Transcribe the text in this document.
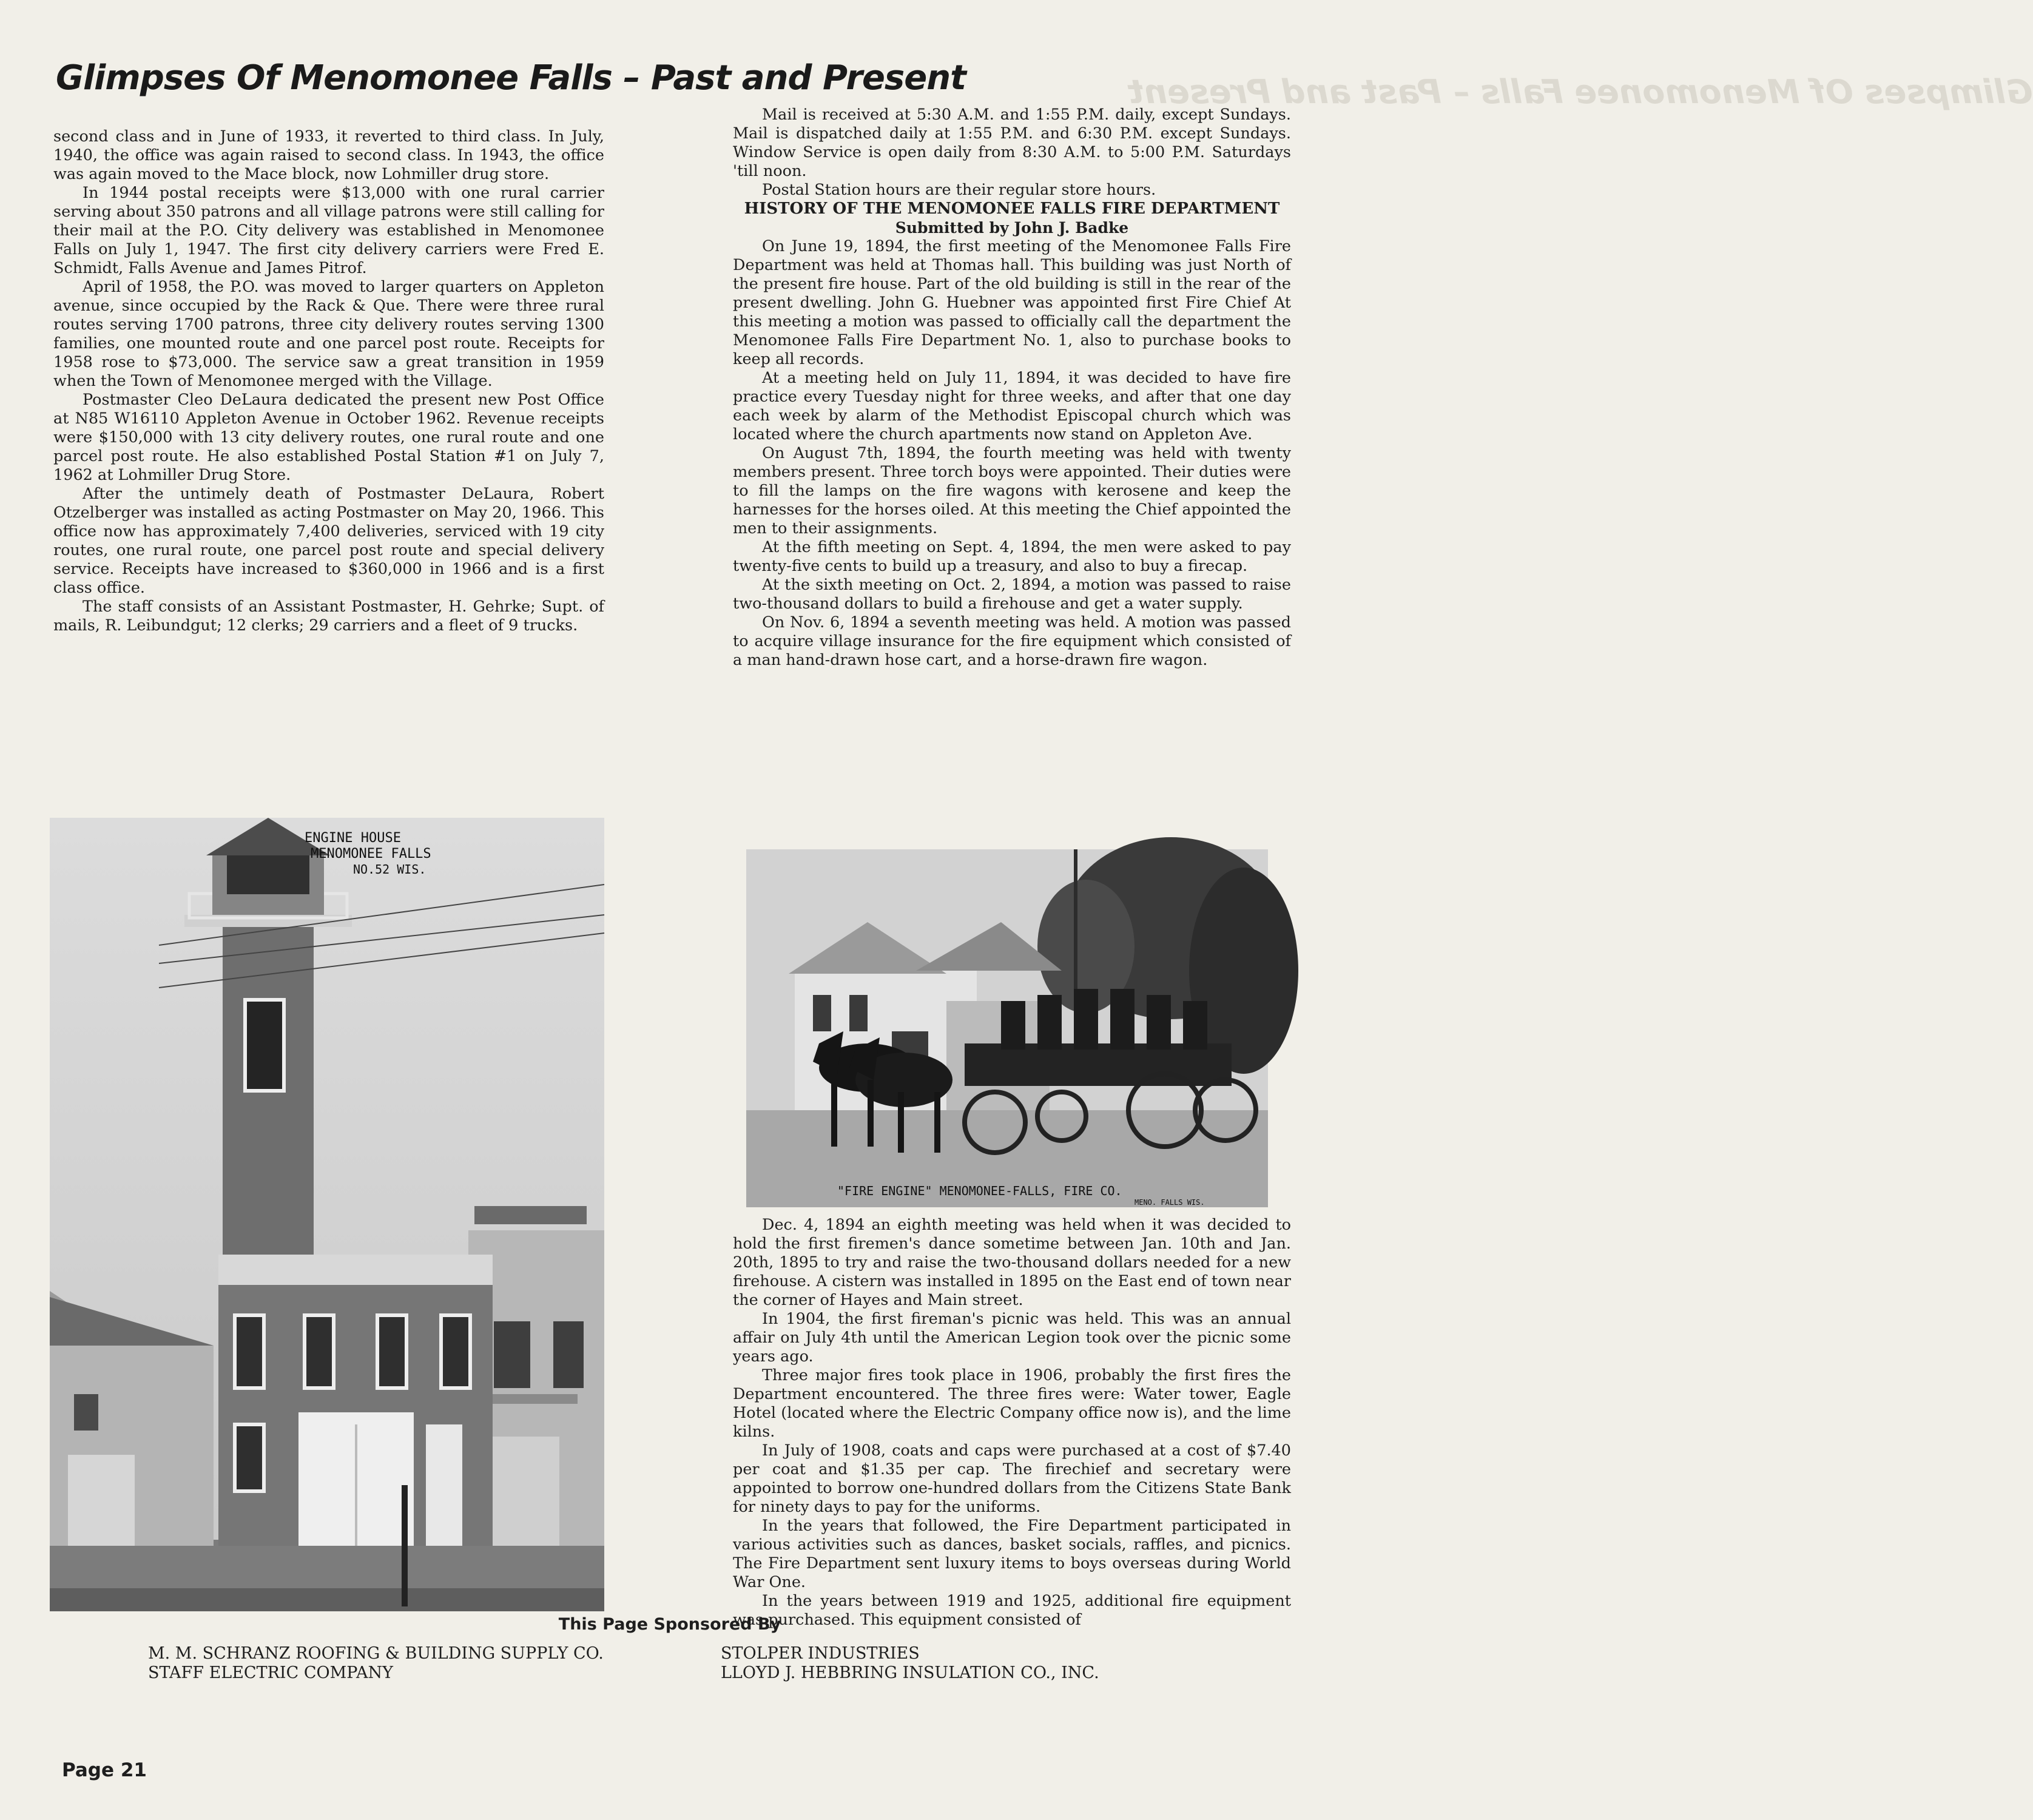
Glimpses Of Menomonee Falls – Past and Present
Glimpses Of Menomonee Falls – Past and Present

second class and in June of 1933, it reverted to third class. In July, 1940, the office was again raised to second class. In 1943, the office was again moved to the Mace block, now Lohmiller drug store.

In 1944 postal receipts were $13,000 with one rural carrier serving about 350 patrons and all village patrons were still calling for their mail at the P.O. City delivery was established in Menomonee Falls on July 1, 1947. The first city delivery carriers were Fred E. Schmidt, Falls Avenue and James Pitrof.

April of 1958, the P.O. was moved to larger quarters on Appleton avenue, since occupied by the Rack & Que. There were three rural routes serving 1700 patrons, three city delivery routes serving 1300 families, one mounted route and one parcel post route. Receipts for 1958 rose to $73,000. The service saw a great transition in 1959 when the Town of Menomonee merged with the Village.

Postmaster Cleo DeLaura dedicated the present new Post Office at N85 W16110 Appleton Avenue in October 1962. Revenue receipts were $150,000 with 13 city delivery routes, one rural route and one parcel post route. He also established Postal Station #1 on July 7, 1962 at Lohmiller Drug Store.

After the untimely death of Postmaster DeLaura, Robert Otzelberger was installed as acting Postmaster on May 20, 1966. This office now has approximately 7,400 deliveries, serviced with 19 city routes, one rural route, one parcel post route and special delivery service. Receipts have increased to $360,000 in 1966 and is a first class office.

The staff consists of an Assistant Postmaster, H. Gehrke; Supt. of mails, R. Leibundgut; 12 clerks; 29 carriers and a fleet of 9 trucks.

Mail is received at 5:30 A.M. and 1:55 P.M. daily, except Sundays. Mail is dispatched daily at 1:55 P.M. and 6:30 P.M. except Sundays. Window Service is open daily from 8:30 A.M. to 5:00 P.M. Saturdays 'till noon.

Postal Station hours are their regular store hours.

HISTORY OF THE MENOMONEE FALLS FIRE DEPARTMENT

Submitted by John J. Badke

On June 19, 1894, the first meeting of the Menomonee Falls Fire Department was held at Thomas hall. This building was just North of the present fire house. Part of the old building is still in the rear of the present dwelling. John G. Huebner was appointed first Fire Chief At this meeting a motion was passed to officially call the department the Menomonee Falls Fire Department No. 1, also to purchase books to keep all records.

At a meeting held on July 11, 1894, it was decided to have fire practice every Tuesday night for three weeks, and after that one day each week by alarm of the Methodist Episcopal church which was located where the church apartments now stand on Appleton Ave.

On August 7th, 1894, the fourth meeting was held with twenty members present. Three torch boys were appointed. Their duties were to fill the lamps on the fire wagons with kerosene and keep the harnesses for the horses oiled. At this meeting the Chief appointed the men to their assignments.

At the fifth meeting on Sept. 4, 1894, the men were asked to pay twenty-five cents to build up a treasury, and also to buy a firecap.

At the sixth meeting on Oct. 2, 1894, a motion was passed to raise two-thousand dollars to build a firehouse and get a water supply.

On Nov. 6, 1894 a seventh meeting was held. A motion was passed to acquire village insurance for the fire equipment which consisted of a man hand-drawn hose cart, and a horse-drawn fire wagon.

Dec. 4, 1894 an eighth meeting was held when it was decided to hold the first firemen's dance sometime between Jan. 10th and Jan. 20th, 1895 to try and raise the two-thousand dollars needed for a new firehouse. A cistern was installed in 1895 on the East end of town near the corner of Hayes and Main street.

In 1904, the first fireman's picnic was held. This was an annual affair on July 4th until the American Legion took over the picnic some years ago.

Three major fires took place in 1906, probably the first fires the Department encountered. The three fires were: Water tower, Eagle Hotel (located where the Electric Company office now is), and the lime kilns.

In July of 1908, coats and caps were purchased at a cost of $7.40 per coat and $1.35 per cap. The firechief and secretary were appointed to borrow one-hundred dollars from the Citizens State Bank for ninety days to pay for the uniforms.

In the years that followed, the Fire Department participated in various activities such as dances, basket socials, raffles, and picnics. The Fire Department sent luxury items to boys overseas during World War One.

In the years between 1919 and 1925, additional fire equipment was purchased. This equipment consisted of

ENGINE HOUSE
MENOMONEE FALLS
NO.52 WIS.
"FIRE ENGINE" MENOMONEE-FALLS, FIRE CO.
MENO. FALLS WIS.
This Page Sponsored By
M. M. SCHRANZ ROOFING & BUILDING SUPPLY CO.
STAFF ELECTRIC COMPANY
STOLPER INDUSTRIES
LLOYD J. HEBBRING INSULATION CO., INC.
Page 21
